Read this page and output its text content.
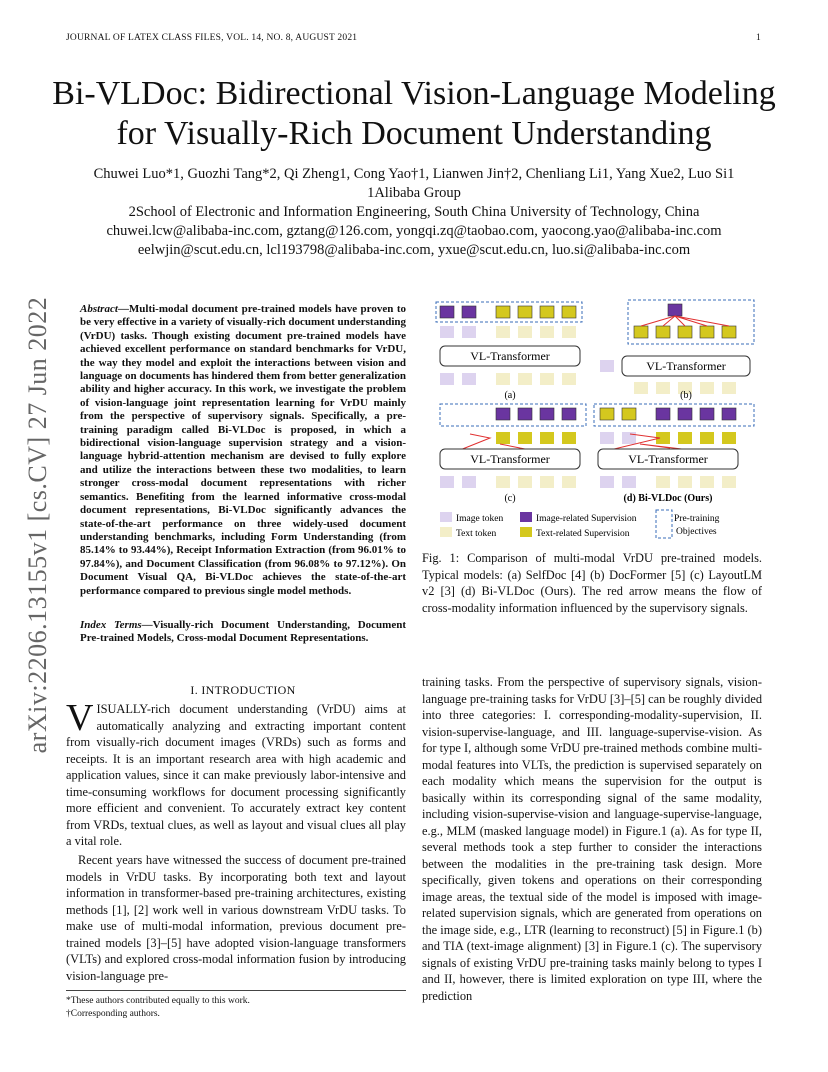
JOURNAL OF LATEX CLASS FILES, VOL. 14, NO. 8, AUGUST 2021	1
Bi-VLDoc: Bidirectional Vision-Language Modeling
for Visually-Rich Document Understanding
Chuwei Luo*1, Guozhi Tang*2, Qi Zheng1, Cong Yao†1, Lianwen Jin†2, Chenliang Li1, Yang Xue2, Luo Si1
1Alibaba Group
2School of Electronic and Information Engineering, South China University of Technology, China
chuwei.lcw@alibaba-inc.com, gztang@126.com, yongqi.zq@taobao.com, yaocong.yao@alibaba-inc.com
eelwjin@scut.edu.cn, lcl193798@alibaba-inc.com, yxue@scut.edu.cn, luo.si@alibaba-inc.com
arXiv:2206.13155v1 [cs.CV] 27 Jun 2022	Abstract—Multi-modal document pre-trained models have proven to be very effective in a variety of visually-rich document understanding (VrDU) tasks. Though existing document pre-trained models have achieved excellent performance on standard benchmarks for VrDU, the way they model and exploit the interactions between vision and language on documents has hindered them from better generalization ability and higher accuracy. In this work, we investigate the problem of vision-language joint representation learning for VrDU mainly from the perspective of supervisory signals. Specifically, a pre-training paradigm called Bi-VLDoc is proposed, in which a bidirectional vision-language supervision strategy and a vision-language hybrid-attention mechanism are devised to fully explore and utilize the interactions between these two modalities, to learn stronger cross-modal document representations with richer semantics. Benefiting from the learned informative cross-modal document representations, Bi-VLDoc significantly advances the state-of-the-art performance on three widely-used document understanding benchmarks, including Form Understanding (from 85.14% to 93.44%), Receipt Information Extraction (from 96.01% to 97.84%), and Document Classification (from 96.08% to 97.12%). On Document Visual QA, Bi-VLDoc achieves the state-of-the-art performance compared to previous single model methods.
Index Terms—Visually-rich Document Understanding, Document Pre-trained Models, Cross-modal Document Representations.
I. INTRODUCTION
VISUALLY-rich document understanding (VrDU) aims at automatically analyzing and extracting important content from visually-rich document images (VRDs) such as forms and receipts. It is an important research area with high academic and application values, since it can make previously labor-intensive and time-consuming workflows for document processing significantly more efficient and convenient. To accurately extract key content from VRDs, textual clues, as well as layout and visual clues all play a vital role.
Recent years have witnessed the success of document pre-trained models in VrDU tasks. By incorporating both text and layout information in transformer-based pre-training architectures, existing methods [1], [2] work well in various downstream VrDU tasks. To make use of multi-modal information, previous document pre-trained models [3]–[5] have adopted vision-language transformers (VLTs) and explored cross-modal information fusion by introducing vision-language pre-
training tasks. From the perspective of supervisory signals, vision-language pre-training tasks for VrDU [3]–[5] can be roughly divided into three categories: I. corresponding-modality-supervision, II. vision-supervise-language, and III. language-supervise-vision. As for type I, although some VrDU pre-trained methods combine multi-modal features into VLTs, the prediction is supervised separately on each modality which means the supervision for the output is basically within its corresponding signal of the same modality, including vision-supervise-vision and language-supervise-language, e.g., MLM (masked language model) in Figure.1 (a). As for type II, several methods took a step further to consider the interactions between the modalities in the pre-training task design. More specifically, given tokens and operations on their corresponding image areas, the textual side of the model is imposed with image-related supervision signals, which are generated from operations on the image side, e.g., LTR (learning to reconstruct) [5] in Figure.1 (b) and TIA (text-image alignment) [3] in Figure.1 (c). The supervisory signals of existing VrDU pre-training tasks mainly belong to types I and II, however, there is limited exploration on type III, where the prediction
*These authors contributed equally to this work.
†Corresponding authors.
VL-Transformer
(a)
VL-Transformer
(b)
VL-Transformer
(c)
VL-Transformer
(d) Bi-VLDoc (Ours)
Image token
Text token
Image-related Supervision
Text-related Supervision
Pre-training
Objectives
Fig. 1: Comparison of multi-modal VrDU pre-trained models. Typical models: (a) SelfDoc [4] (b) DocFormer [5] (c) LayoutLM v2 [3] (d) Bi-VLDoc (Ours). The red arrow means the flow of cross-modality information influenced by the supervisory signals.
